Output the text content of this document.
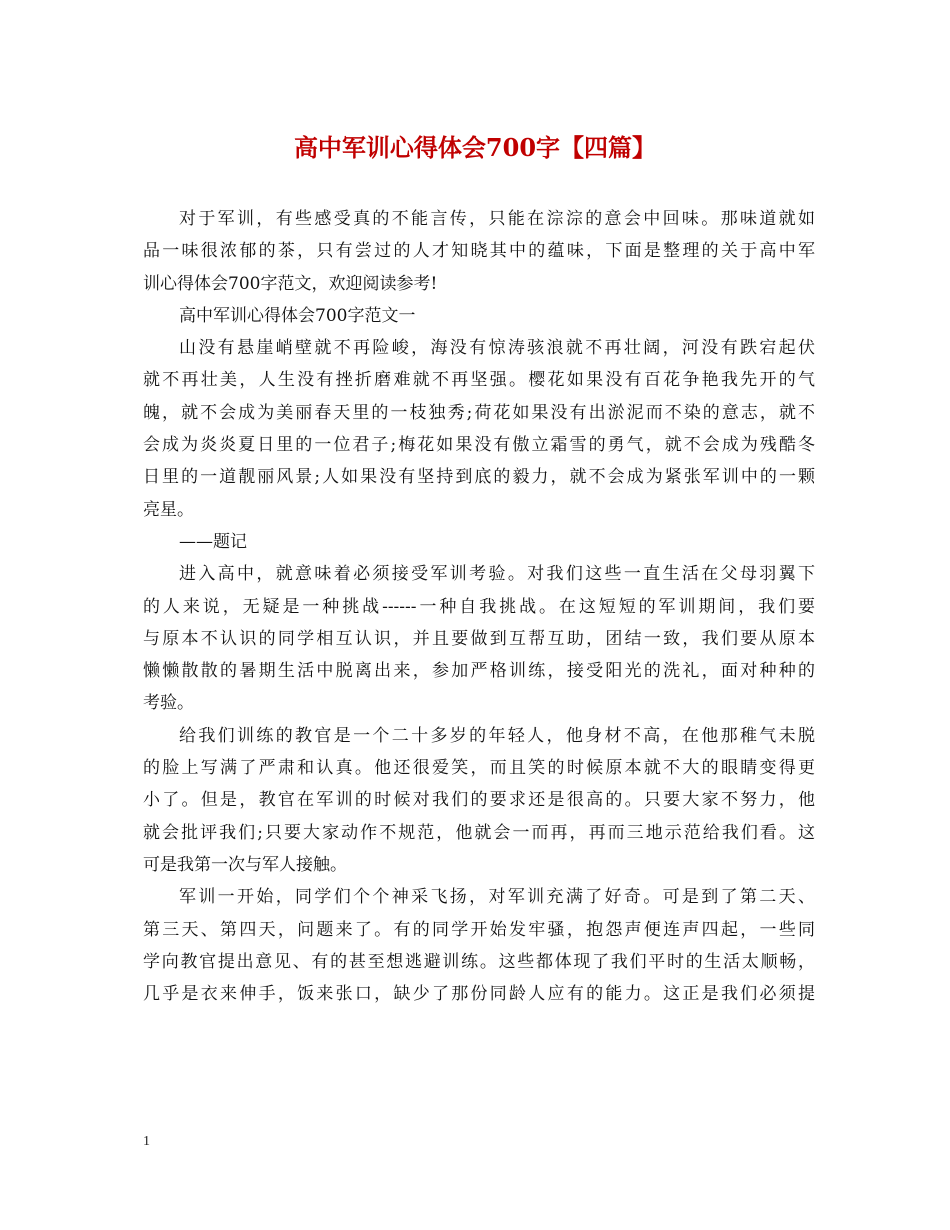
高中军训心得体会700字【四篇】
对于军训，有些感受真的不能言传，只能在淙淙的意会中回味。那味道就如
品一味很浓郁的茶，只有尝过的人才知晓其中的蕴味，下面是整理的关于高中军
训心得体会700字范文，欢迎阅读参考!
高中军训心得体会700字范文一
山没有悬崖峭壁就不再险峻，海没有惊涛骇浪就不再壮阔，河没有跌宕起伏
就不再壮美，人生没有挫折磨难就不再坚强。樱花如果没有百花争艳我先开的气
魄，就不会成为美丽春天里的一枝独秀;荷花如果没有出淤泥而不染的意志，就不
会成为炎炎夏日里的一位君子;梅花如果没有傲立霜雪的勇气，就不会成为残酷冬
日里的一道靓丽风景;人如果没有坚持到底的毅力，就不会成为紧张军训中的一颗
亮星。
——题记
进入高中，就意味着必须接受军训考验。对我们这些一直生活在父母羽翼下
的人来说，无疑是一种挑战------一种自我挑战。在这短短的军训期间，我们要
与原本不认识的同学相互认识，并且要做到互帮互助，团结一致，我们要从原本
懒懒散散的暑期生活中脱离出来，参加严格训练，接受阳光的洗礼，面对种种的
考验。
给我们训练的教官是一个二十多岁的年轻人，他身材不高，在他那稚气未脱
的脸上写满了严肃和认真。他还很爱笑，而且笑的时候原本就不大的眼睛变得更
小了。但是，教官在军训的时候对我们的要求还是很高的。只要大家不努力，他
就会批评我们;只要大家动作不规范，他就会一而再，再而三地示范给我们看。这
可是我第一次与军人接触。
军训一开始，同学们个个神采飞扬，对军训充满了好奇。可是到了第二天、
第三天、第四天，问题来了。有的同学开始发牢骚，抱怨声便连声四起，一些同
学向教官提出意见、有的甚至想逃避训练。这些都体现了我们平时的生活太顺畅，
几乎是衣来伸手，饭来张口，缺少了那份同龄人应有的能力。这正是我们必须提
1
